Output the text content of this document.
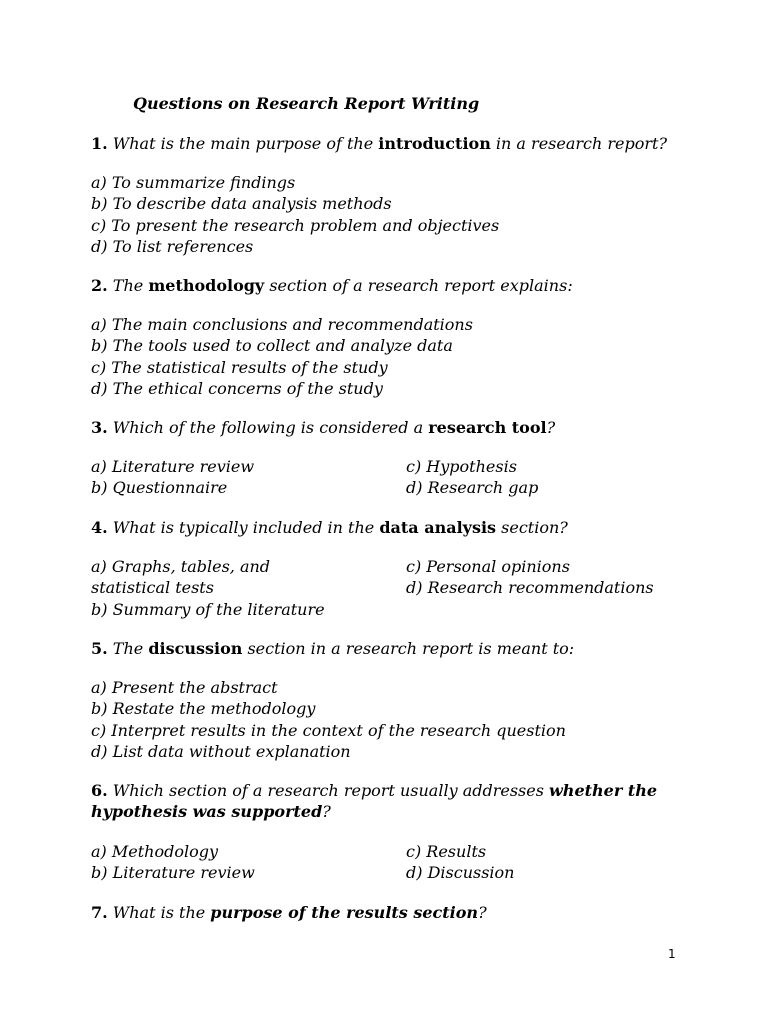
Questions on Research Report Writing
1. What is the main purpose of the introduction in a research report?
a) To summarize findings
b) To describe data analysis methods
c) To present the research problem and objectives
d) To list references
2. The methodology section of a research report explains:
a) The main conclusions and recommendations
b) The tools used to collect and analyze data
c) The statistical results of the study
d) The ethical concerns of the study
3. Which of the following is considered a research tool?
a) Literature review
b) Questionnaire
c) Hypothesis
d) Research gap
4. What is typically included in the data analysis section?
a) Graphs, tables, and statistical tests
b) Summary of the literature
c) Personal opinions
d) Research recommendations
5. The discussion section in a research report is meant to:
a) Present the abstract
b) Restate the methodology
c) Interpret results in the context of the research question
d) List data without explanation
6. Which section of a research report usually addresses whether the hypothesis was supported?
a) Methodology
b) Literature review
c) Results
d) Discussion
7. What is the purpose of the results section?
1
